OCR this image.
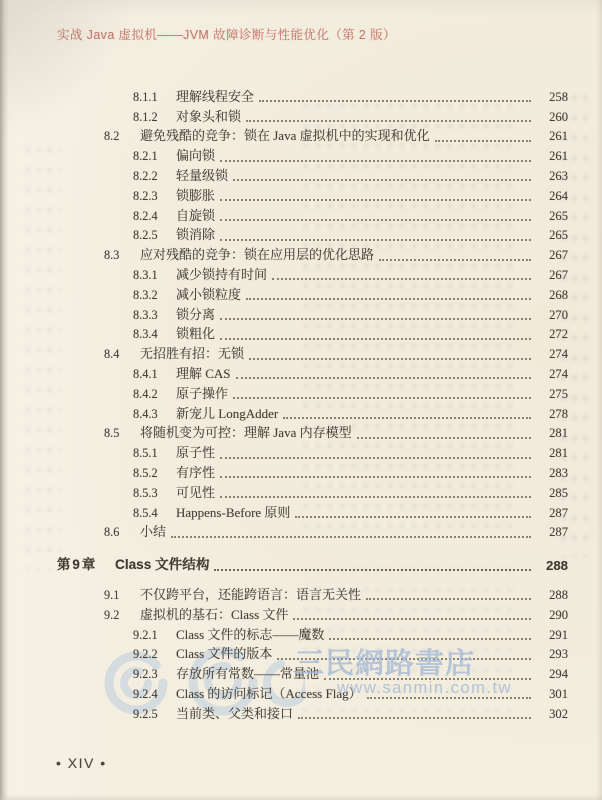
实战 Java 虚拟机——JVM 故障诊断与性能优化（第 2 版）
8.1.1	理解线程安全	258
8.1.2	对象头和锁	260
8.2	避免残酷的竞争：锁在 Java 虚拟机中的实现和优化	261
8.2.1	偏向锁	261
8.2.2	轻量级锁	263
8.2.3	锁膨胀	264
8.2.4	自旋锁	265
8.2.5	锁消除	265
8.3	应对残酷的竞争：锁在应用层的优化思路	267
8.3.1	减少锁持有时间	267
8.3.2	减小锁粒度	268
8.3.3	锁分离	270
8.3.4	锁粗化	272
8.4	无招胜有招：无锁	274
8.4.1	理解 CAS	274
8.4.2	原子操作	275
8.4.3	新宠儿 LongAdder	278
8.5	将随机变为可控：理解 Java 内存模型	281
8.5.1	原子性	281
8.5.2	有序性	283
8.5.3	可见性	285
8.5.4	Happens-Before 原则	287
8.6	小结	287
第9章	Class 文件结构	288
9.1	不仅跨平台，还能跨语言：语言无关性	288
9.2	虚拟机的基石：Class 文件	290
9.2.1	Class 文件的标志——魔数	291
9.2.2	Class 文件的版本	293
9.2.3	存放所有常数——常量池	294
9.2.4	Class 的访问标记（Access Flag）	301
9.2.5	当前类、父类和接口	302
三民網路書店
www.sanmin.com.tw
• XIV •
